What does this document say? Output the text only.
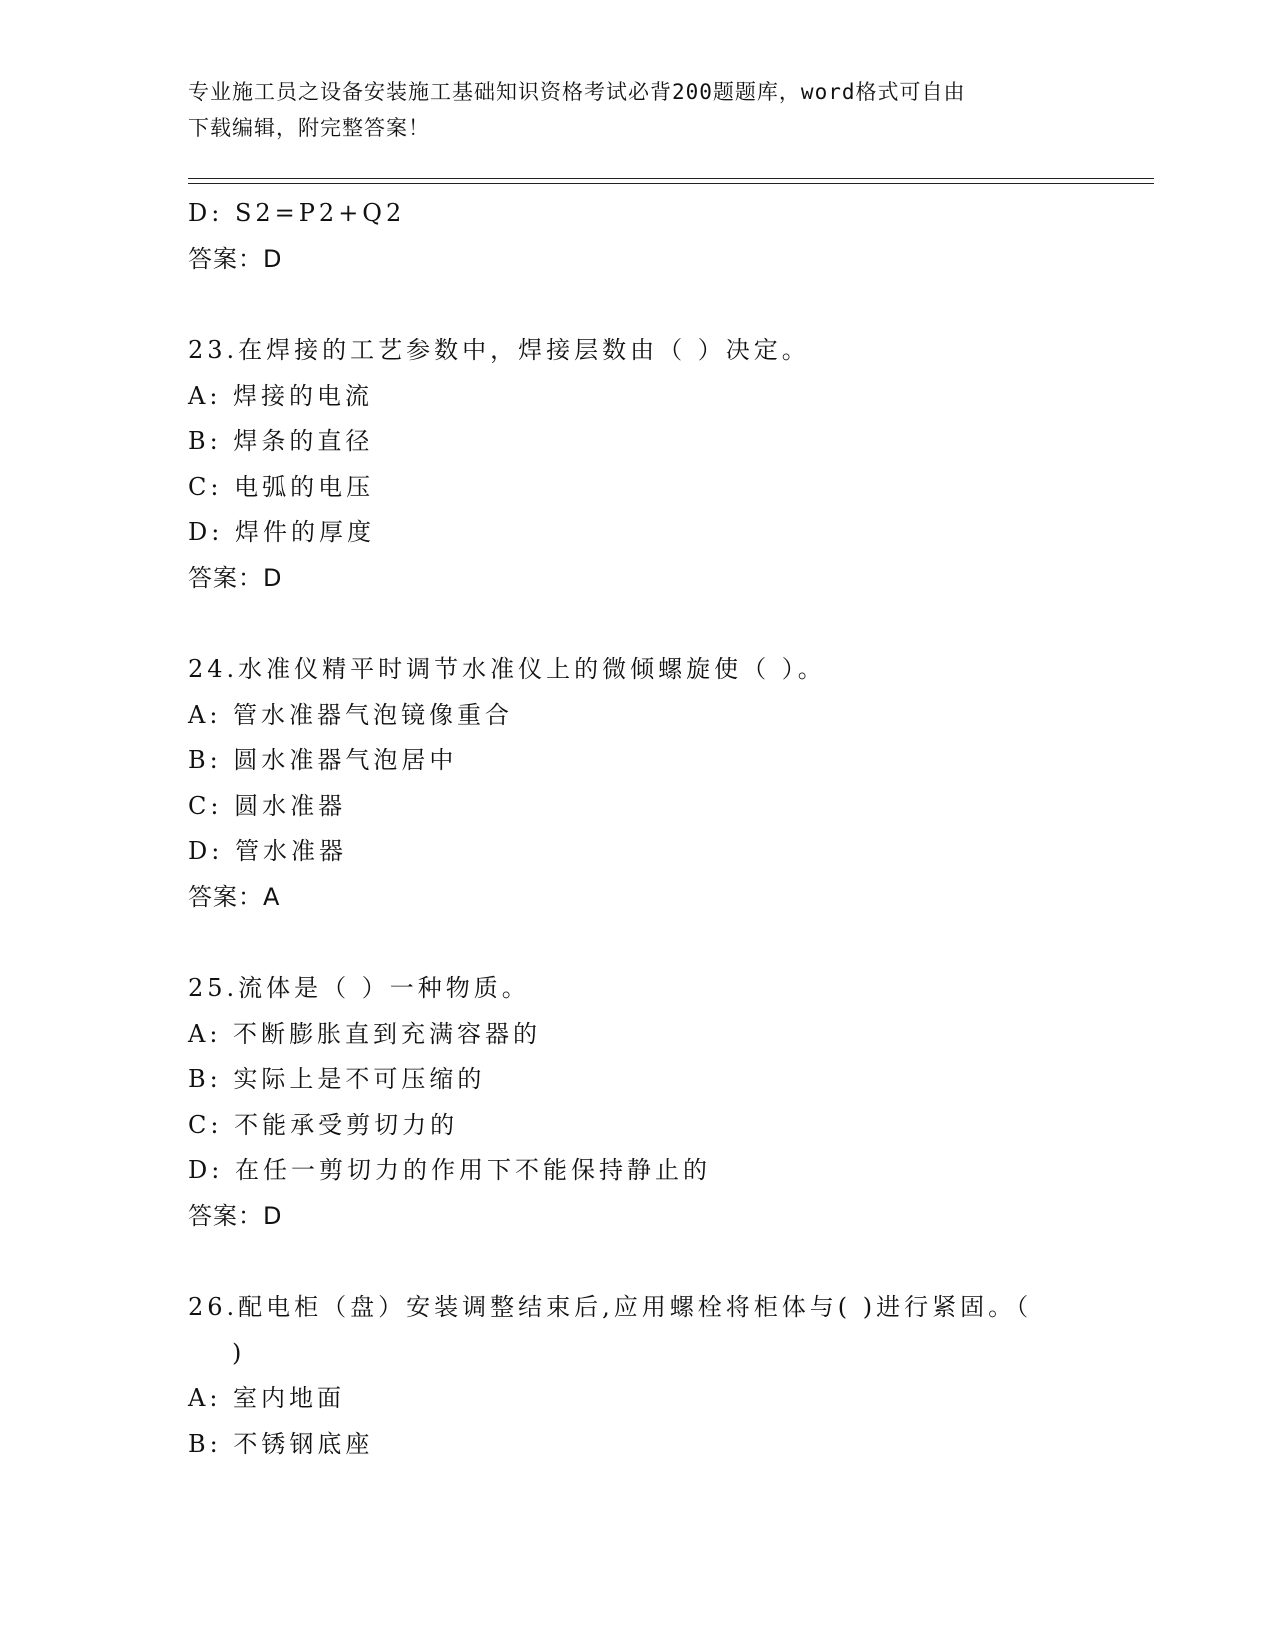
专业施工员之设备安装施工基础知识资格考试必背200题题库，word格式可自由
下载编辑，附完整答案！
D: S2=P2+Q2
答案：D
23.在焊接的工艺参数中，焊接层数由（ ）决定。
A: 焊接的电流
B: 焊条的直径
C: 电弧的电压
D: 焊件的厚度
答案：D
24.水准仪精平时调节水准仪上的微倾螺旋使（ ）。
A: 管水准器气泡镜像重合
B: 圆水准器气泡居中
C: 圆水准器
D: 管水准器
答案：A
25.流体是（ ）一种物质。
A: 不断膨胀直到充满容器的
B: 实际上是不可压缩的
C: 不能承受剪切力的
D: 在任一剪切力的作用下不能保持静止的
答案：D
26.配电柜（盘）安装调整结束后,应用螺栓将柜体与( )进行紧固。（
)
A: 室内地面
B: 不锈钢底座
